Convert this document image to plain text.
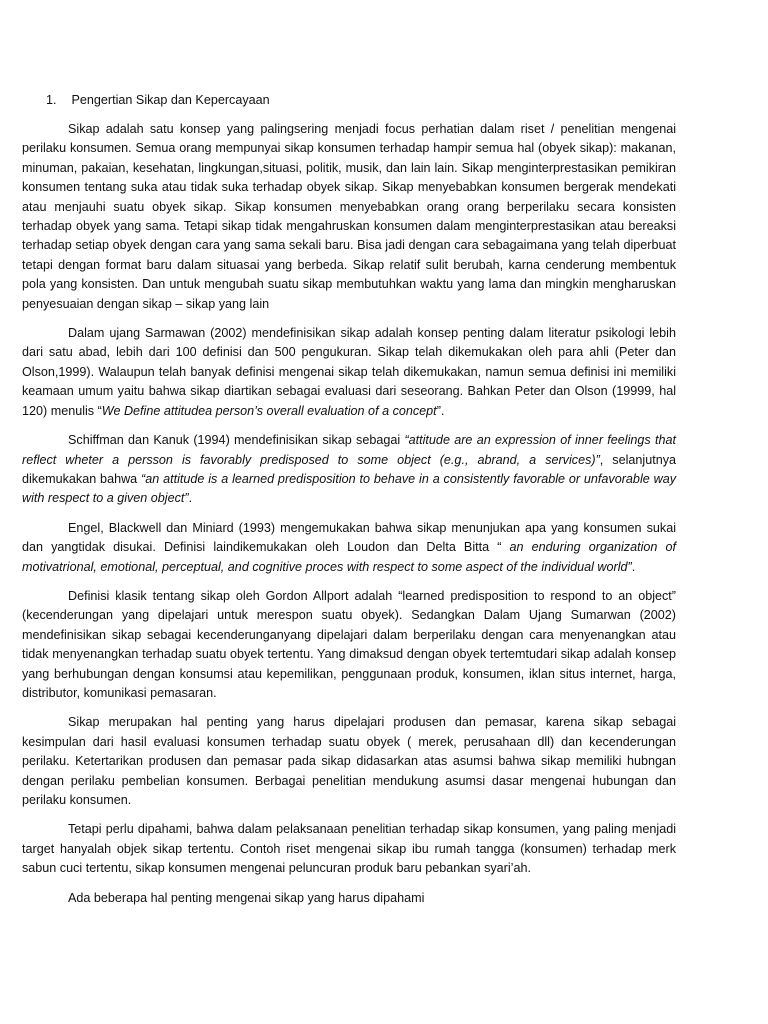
1. Pengertian Sikap dan Kepercayaan

Sikap adalah satu konsep yang palingsering menjadi focus perhatian dalam riset / penelitian mengenai perilaku konsumen. Semua orang mempunyai sikap konsumen terhadap hampir semua hal (obyek sikap): makanan, minuman, pakaian, kesehatan, lingkungan,situasi, politik, musik, dan lain lain. Sikap menginterprestasikan pemikiran konsumen tentang suka atau tidak suka terhadap obyek sikap. Sikap menyebabkan konsumen bergerak mendekati atau menjauhi suatu obyek sikap. Sikap konsumen menyebabkan orang orang berperilaku secara konsisten terhadap obyek yang sama. Tetapi sikap tidak mengahruskan konsumen dalam menginterprestasikan atau bereaksi terhadap setiap obyek dengan cara yang sama sekali baru. Bisa jadi dengan cara sebagaimana yang telah diperbuat tetapi dengan format baru dalam situasai yang berbeda. Sikap relatif sulit berubah, karna cenderung membentuk pola yang konsisten. Dan untuk mengubah suatu sikap membutuhkan waktu yang lama dan mingkin mengharuskan penyesuaian dengan sikap – sikap yang lain

Dalam ujang Sarmawan (2002) mendefinisikan sikap adalah konsep penting dalam literatur psikologi lebih dari satu abad, lebih dari 100 definisi dan 500 pengukuran. Sikap telah dikemukakan oleh para ahli (Peter dan Olson,1999). Walaupun telah banyak definisi mengenai sikap telah dikemukakan, namun semua definisi ini memiliki keamaan umum yaitu bahwa sikap diartikan sebagai evaluasi dari seseorang. Bahkan Peter dan Olson (19999, hal 120) menulis “We Define attitudea person’s overall evaluation of a concept”.

Schiffman dan Kanuk (1994) mendefinisikan sikap sebagai “attitude are an expression of inner feelings that reflect wheter a persson is favorably predisposed to some object (e.g., abrand, a services)”, selanjutnya dikemukakan bahwa “an attitude is a learned predisposition to behave in a consistently favorable or unfavorable way with respect to a given object”.

Engel, Blackwell dan Miniard (1993) mengemukakan bahwa sikap menunjukan apa yang konsumen sukai dan yangtidak disukai. Definisi laindikemukakan oleh Loudon dan Delta Bitta “ an enduring organization of motivatrional, emotional, perceptual, and cognitive proces with respect to some aspect of the individual world”.

Definisi klasik tentang sikap oleh Gordon Allport adalah “learned predisposition to respond to an object” (kecenderungan yang dipelajari untuk merespon suatu obyek). Sedangkan Dalam Ujang Sumarwan (2002) mendefinisikan sikap sebagai kecenderunganyang dipelajari dalam berperilaku dengan cara menyenangkan atau tidak menyenangkan terhadap suatu obyek tertentu. Yang dimaksud dengan obyek tertemtudari sikap adalah konsep yang berhubungan dengan konsumsi atau kepemilikan, penggunaan produk, konsumen, iklan situs internet, harga, distributor, komunikasi pemasaran.

Sikap merupakan hal penting yang harus dipelajari produsen dan pemasar, karena sikap sebagai kesimpulan dari hasil evaluasi konsumen terhadap suatu obyek ( merek, perusahaan dll) dan kecenderungan perilaku. Ketertarikan produsen dan pemasar pada sikap didasarkan atas asumsi bahwa sikap memiliki hubngan dengan perilaku pembelian konsumen. Berbagai penelitian mendukung asumsi dasar mengenai hubungan dan perilaku konsumen.

Tetapi perlu dipahami, bahwa dalam pelaksanaan penelitian terhadap sikap konsumen, yang paling menjadi target hanyalah objek sikap tertentu. Contoh riset mengenai sikap ibu rumah tangga (konsumen) terhadap merk sabun cuci tertentu, sikap konsumen mengenai peluncuran produk baru pebankan syari’ah.

Ada beberapa hal penting mengenai sikap yang harus dipahami
